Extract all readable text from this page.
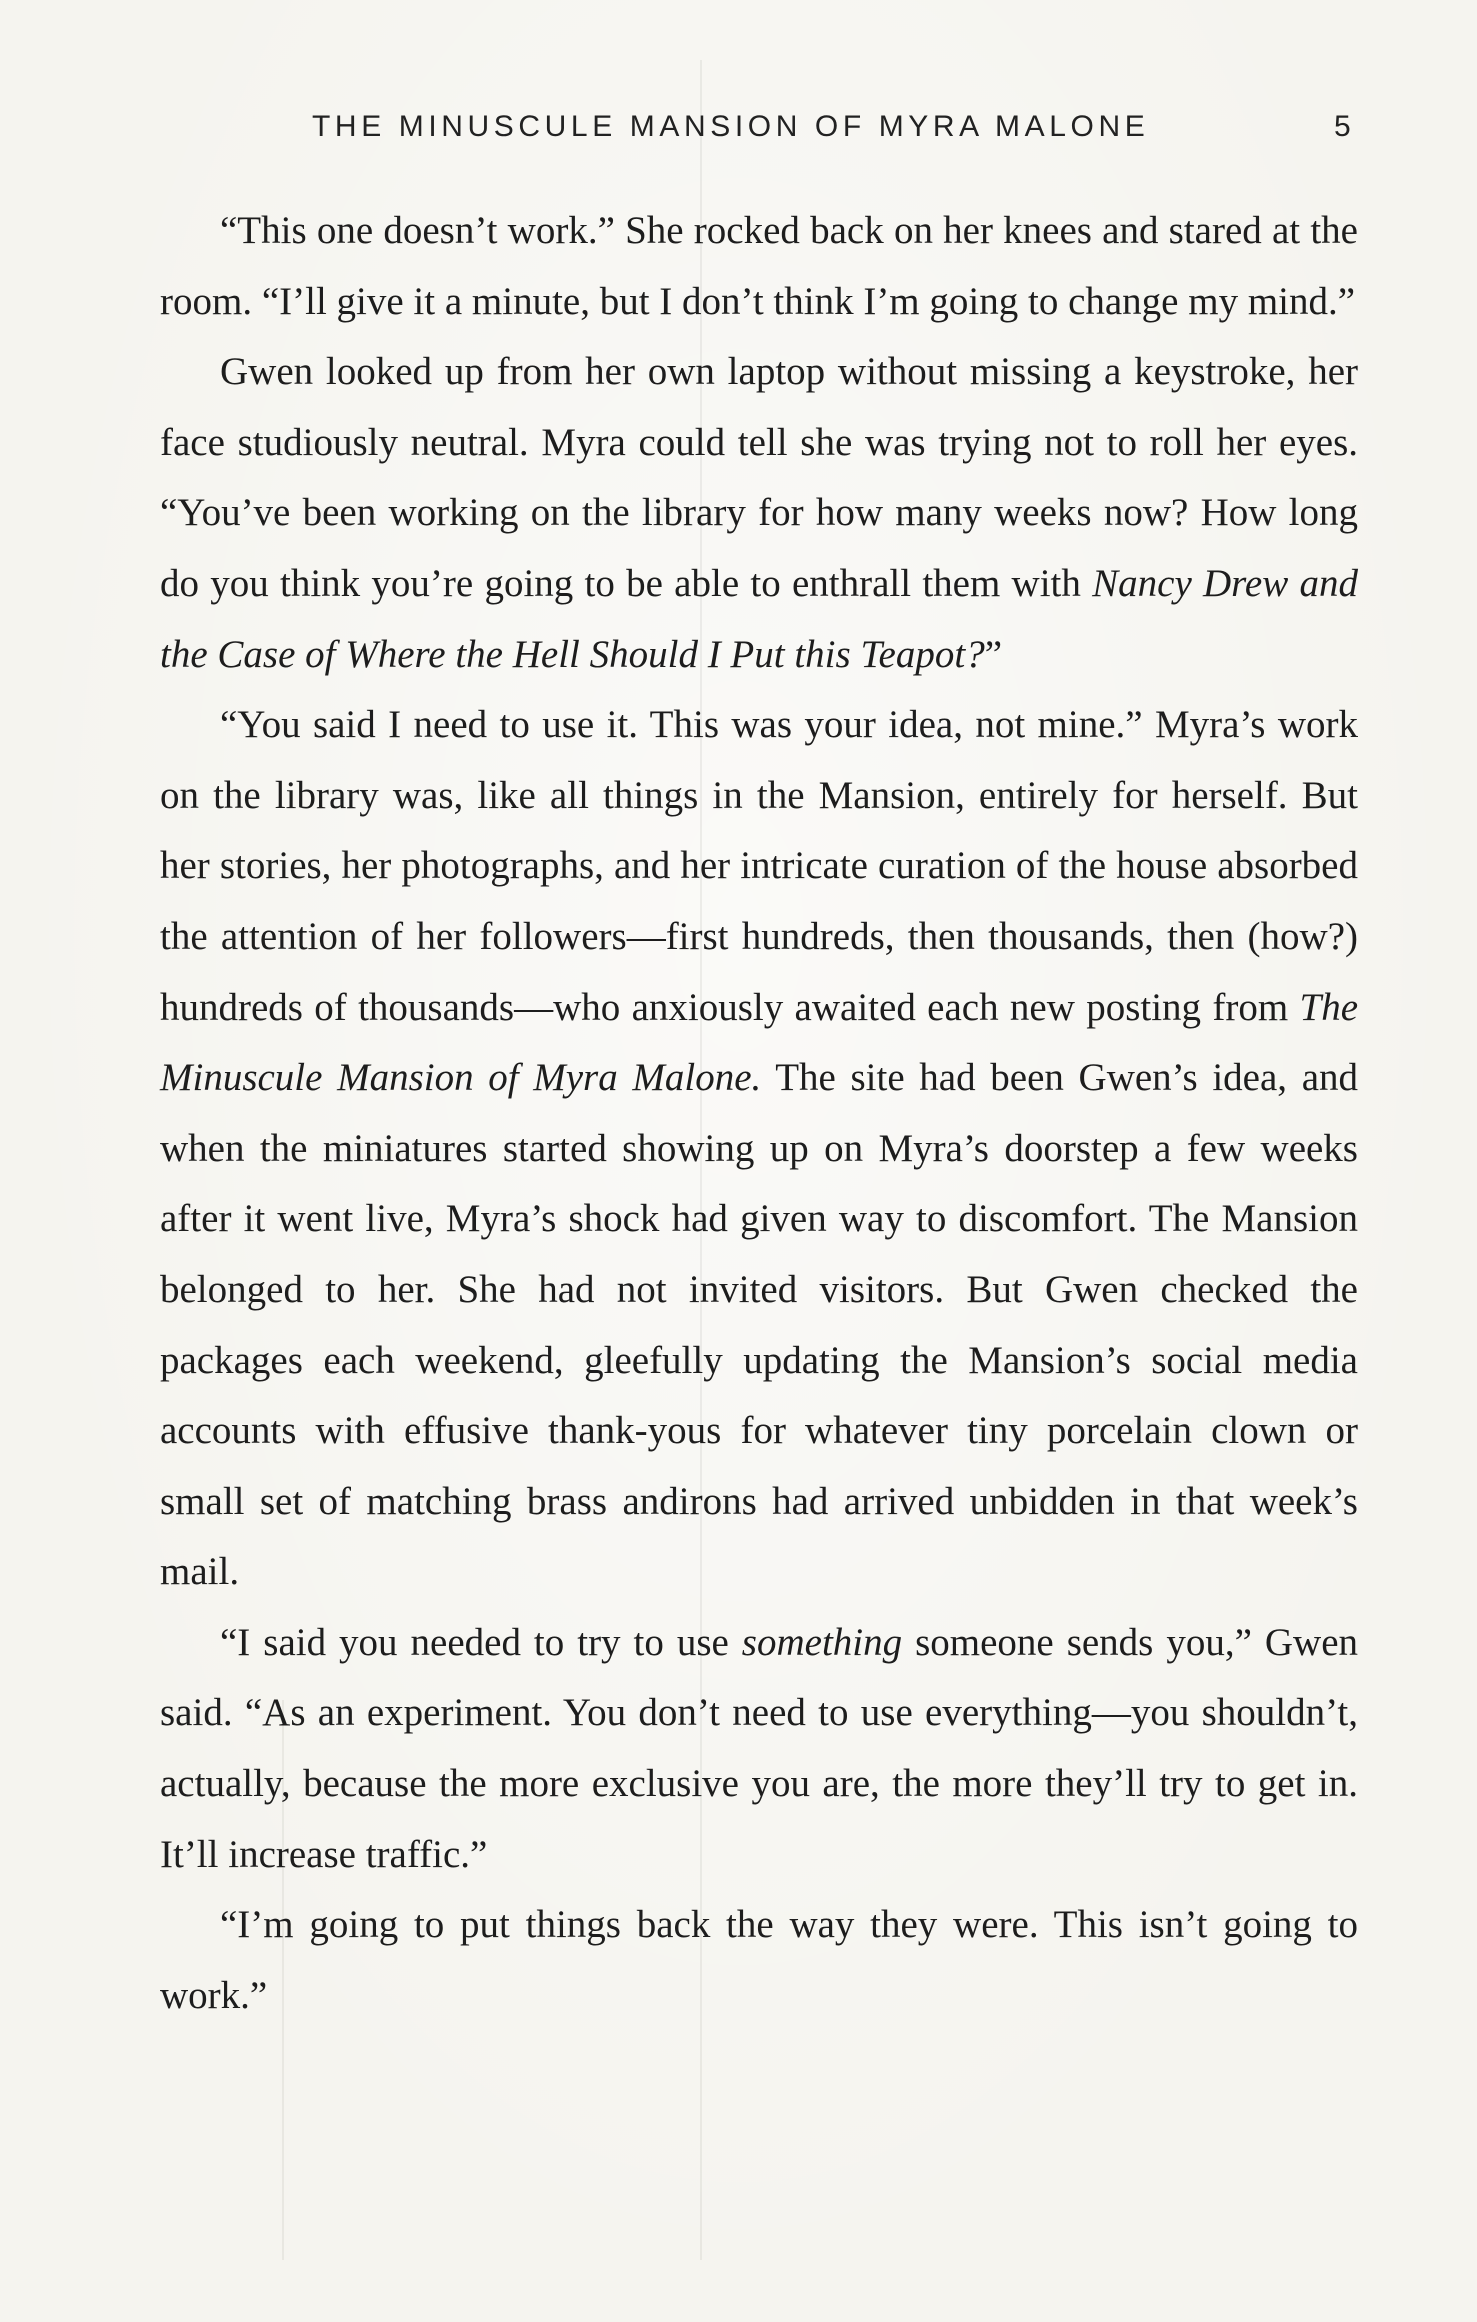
THE MINUSCULE MANSION OF MYRA MALONE	5

“This one doesn’t work.” She rocked back on her knees and stared at the room. “I’ll give it a minute, but I don’t think I’m going to change my mind.”

Gwen looked up from her own laptop without missing a keystroke, her face studiously neutral. Myra could tell she was trying not to roll her eyes. “You’ve been working on the library for how many weeks now? How long do you think you’re going to be able to enthrall them with Nancy Drew and the Case of Where the Hell Should I Put this Teapot?”

“You said I need to use it. This was your idea, not mine.” Myra’s work on the library was, like all things in the Mansion, entirely for herself. But her stories, her photographs, and her intricate curation of the house absorbed the attention of her followers—first hundreds, then thousands, then (how?) hundreds of thousands—who anxiously awaited each new posting from The Minuscule Mansion of Myra Malone. The site had been Gwen’s idea, and when the miniatures started showing up on Myra’s doorstep a few weeks after it went live, Myra’s shock had given way to discomfort. The Mansion belonged to her. She had not invited visitors. But Gwen checked the packages each weekend, gleefully updating the Mansion’s social media accounts with effusive thank-yous for whatever tiny porcelain clown or small set of matching brass andirons had arrived unbidden in that week’s mail.

“I said you needed to try to use something someone sends you,” Gwen said. “As an experiment. You don’t need to use everything—you shouldn’t, actually, because the more exclusive you are, the more they’ll try to get in. It’ll increase traffic.”

“I’m going to put things back the way they were. This isn’t going to work.”
